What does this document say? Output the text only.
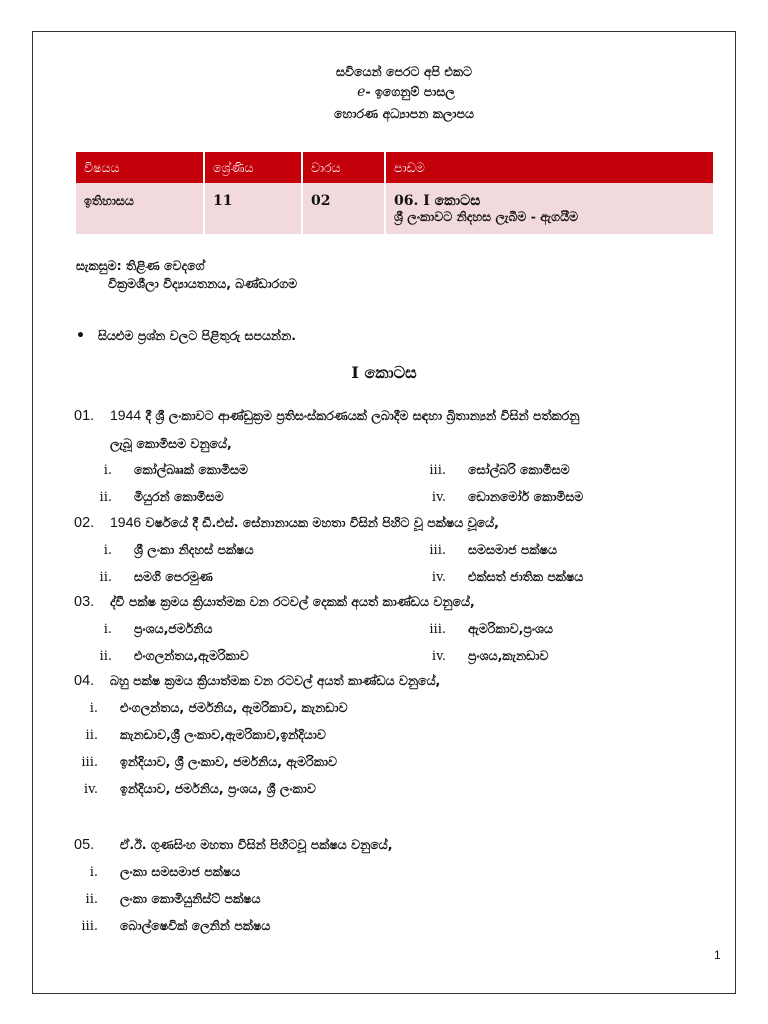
සවියෙන් පෙරට අපි එකට
e- ඉගෙනුම් පාසල
හොරණ අධ්‍යාපන කලාපය
විෂයය	ශ්‍රේණිය	වාරය	පාඩම
ඉතිහාසය	11	02	06. I කොටස
ශ්‍රී ලංකාවට නිදහස ලැබීම - ඇගයීම
සැකසුම: තිළිණ වෙදගේ
වික්‍රමශීලා විද්‍යායතනය, බණ්ඩාරගම
• සියළුම ප්‍රශ්න වලට පිළිතුරු සපයන්න.
I කොටස
01. 1944 දී ශ්‍රී ලංකාවට ආණ්ඩුක්‍රම ප්‍රතිසංස්කරණයක් ලබාදීම සඳහා බ්‍රිතාන්‍යන් විසින් පත්කරනු
ලැබූ කොමිසම වනුයේ,
i. කෝල්බෲක් කොමිසම	iii. සෝල්බරි කොමිසම
ii. මියුරන් කොමිසම	iv. ඩොනමෝර් කොමිසම
02. 1946 වර්ෂයේ දී ඩී.එස්. සේනානායක මහතා විසින් පිහිට වූ පක්ෂය වූයේ,
i. ශ්‍රී ලංකා නිදහස් පක්ෂය	iii. සමසමාජ පක්ෂය
ii. සමගි පෙරමුණ	iv. එක්සත් ජාතික පක්ෂය
03. ද්වී පක්ෂ ක්‍රමය ක්‍රියාත්මක වන රටවල් දෙකක් අයත් කාණ්ඩය වනුයේ,
i. ප්‍රංශය,ජර්මනිය	iii. ඇමරිකාව,ප්‍රංශය
ii. එංගලන්තය,ඇමරිකාව	iv. ප්‍රංශය,කැනඩාව
04. බහු පක්ෂ ක්‍රමය ක්‍රියාත්මක වන රටවල් අයත් කාණ්ඩය වනුයේ,
i. එංගලන්තය, ජර්මනිය, ඇමරිකාව, කැනඩාව
ii. කැනඩාව,ශ්‍රී ලංකාව,ඇමරිකාව,ඉන්දියාව
iii. ඉන්දියාව, ශ්‍රී ලංකාව, ජර්මනිය, ඇමරිකාව
iv. ඉන්දියාව, ජර්මනිය, ප්‍රංශය, ශ්‍රී ලංකාව
05. ඒ.ඊ. ගුණසිංහ මහතා විසින් පිහිටවූ පක්ෂය වනුයේ,
i. ලංකා සමසමාජ පක්ෂය
ii. ලංකා කොමියුනිස්ට් පක්ෂය
iii. බොල්ෂෙවික් ලෙනින් පක්ෂය
1
